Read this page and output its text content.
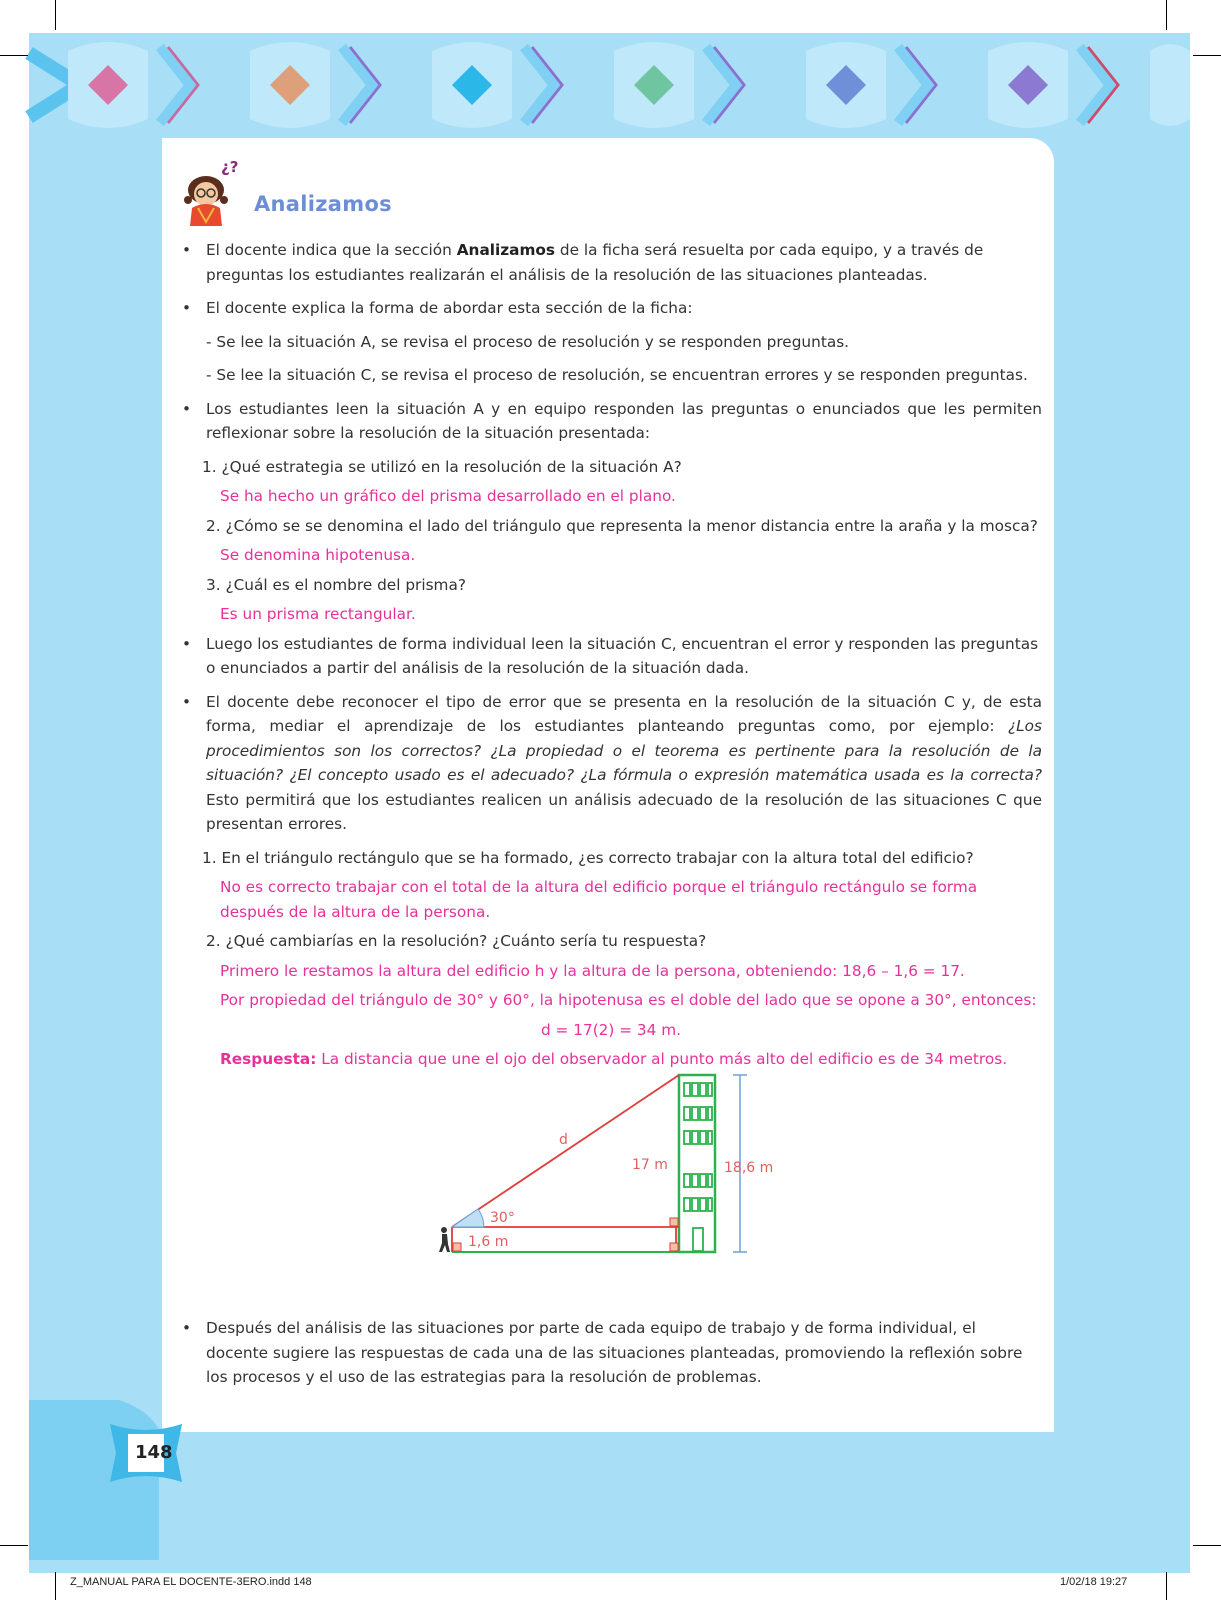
¿?
Analizamos
• El docente indica que la sección Analizamos de la ficha será resuelta por cada equipo, y a través de preguntas los estudiantes realizarán el análisis de la resolución de las situaciones planteadas.
• El docente explica la forma de abordar esta sección de la ficha:
- Se lee la situación A, se revisa el proceso de resolución y se responden preguntas.
- Se lee la situación C, se revisa el proceso de resolución, se encuentran errores y se responden preguntas.
• Los estudiantes leen la situación A y en equipo responden las preguntas o enunciados que les permiten reflexionar sobre la resolución de la situación presentada:
1. ¿Qué estrategia se utilizó en la resolución de la situación A?
Se ha hecho un gráfico del prisma desarrollado en el plano.
2. ¿Cómo se se denomina el lado del triángulo que representa la menor distancia entre la araña y la mosca?
Se denomina hipotenusa.
3. ¿Cuál es el nombre del prisma?
Es un prisma rectangular.
• Luego los estudiantes de forma individual leen la situación C, encuentran el error y responden las preguntas o enunciados a partir del análisis de la resolución de la situación dada.
• El docente debe reconocer el tipo de error que se presenta en la resolución de la situación C y, de esta forma, mediar el aprendizaje de los estudiantes planteando preguntas como, por ejemplo: ¿Los procedimientos son los correctos? ¿La propiedad o el teorema es pertinente para la resolución de la situación? ¿El concepto usado es el adecuado? ¿La fórmula o expresión matemática usada es la correcta? Esto permitirá que los estudiantes realicen un análisis adecuado de la resolución de las situaciones C que presentan errores.
1. En el triángulo rectángulo que se ha formado, ¿es correcto trabajar con la altura total del edificio?
No es correcto trabajar con el total de la altura del edificio porque el triángulo rectángulo se forma después de la altura de la persona.
2. ¿Qué cambiarías en la resolución? ¿Cuánto sería tu respuesta?
Primero le restamos la altura del edificio h y la altura de la persona, obteniendo: 18,6 – 1,6 = 17.
Por propiedad del triángulo de 30° y 60°, la hipotenusa es el doble del lado que se opone a 30°, entonces:
d = 17(2) = 34 m.
Respuesta: La distancia que une el ojo del observador al punto más alto del edificio es de 34 metros.
d
17 m	18,6 m
30°
1,6 m
• Después del análisis de las situaciones por parte de cada equipo de trabajo y de forma individual, el docente sugiere las respuestas de cada una de las situaciones planteadas, promoviendo la reflexión sobre los procesos y el uso de las estrategias para la resolución de problemas.
148
Z_MANUAL PARA EL DOCENTE-3ERO.indd 148	1/02/18 19:27
